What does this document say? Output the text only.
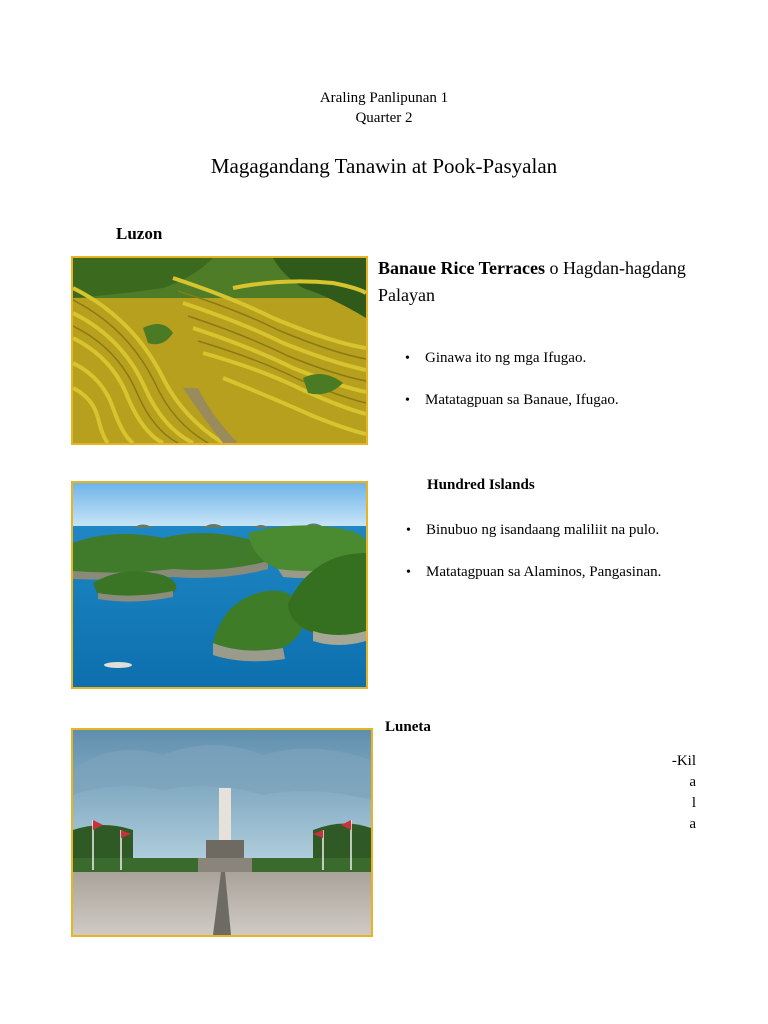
Araling Panlipunan 1
Quarter 2
Magagandang Tanawin at Pook-Pasyalan
Luzon
Banaue Rice Terraces o Hagdan-hagdang Palayan
• Ginawa ito ng mga Ifugao.
• Matatagpuan sa Banaue, Ifugao.
Hundred Islands
• Binubuo ng isandaang maliliit na pulo.
• Matatagpuan sa Alaminos, Pangasinan.
Luneta
-Kil
a
l
a
